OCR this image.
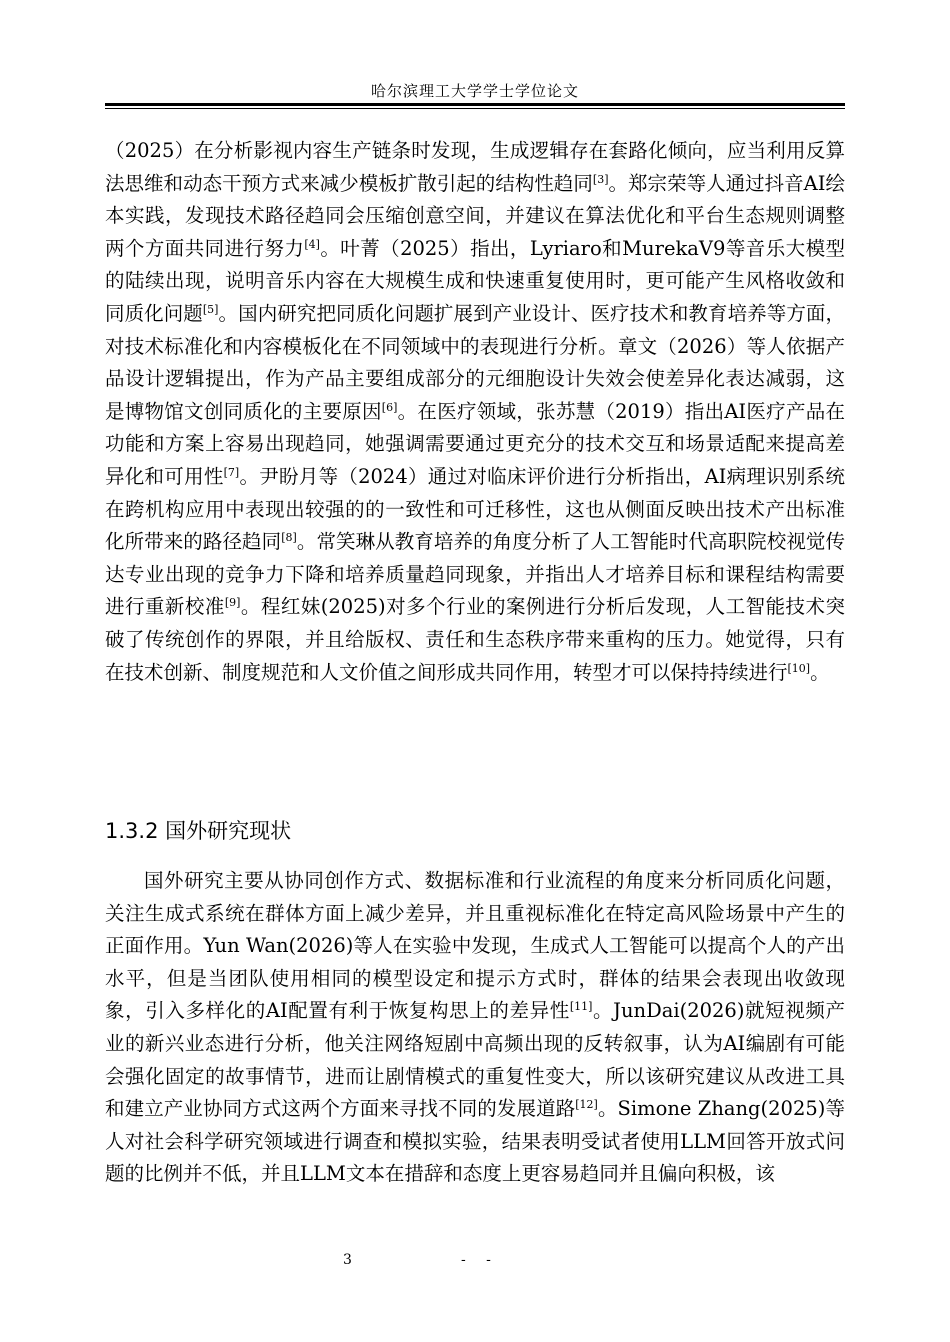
哈尔滨理工大学学士学位论文

（2025）在分析影视内容生产链条时发现，生成逻辑存在套路化倾向，应当利用反算法思维和动态干预方式来减少模板扩散引起的结构性趋同[3]。郑宗荣等人通过抖音AI绘本实践，发现技术路径趋同会压缩创意空间，并建议在算法优化和平台生态规则调整两个方面共同进行努力[4]。叶菁（2025）指出，Lyriaro和MurekaV9等音乐大模型的陆续出现，说明音乐内容在大规模生成和快速重复使用时，更可能产生风格收敛和同质化问题[5]。国内研究把同质化问题扩展到产业设计、医疗技术和教育培养等方面，对技术标准化和内容模板化在不同领域中的表现进行分析。章文（2026）等人依据产品设计逻辑提出，作为产品主要组成部分的元细胞设计失效会使差异化表达减弱，这是博物馆文创同质化的主要原因[6]。在医疗领域，张苏慧（2019）指出AI医疗产品在功能和方案上容易出现趋同，她强调需要通过更充分的技术交互和场景适配来提高差异化和可用性[7]。尹盼月等（2024）通过对临床评价进行分析指出，AI病理识别系统在跨机构应用中表现出较强的的一致性和可迁移性，这也从侧面反映出技术产出标准化所带来的路径趋同[8]。常笑琳从教育培养的角度分析了人工智能时代高职院校视觉传达专业出现的竞争力下降和培养质量趋同现象，并指出人才培养目标和课程结构需要进行重新校准[9]。程红妹(2025)对多个行业的案例进行分析后发现，人工智能技术突破了传统创作的界限，并且给版权、责任和生态秩序带来重构的压力。她觉得，只有在技术创新、制度规范和人文价值之间形成共同作用，转型才可以保持持续进行[10]。

1.3.2 国外研究现状

国外研究主要从协同创作方式、数据标准和行业流程的角度来分析同质化问题，关注生成式系统在群体方面上减少差异，并且重视标准化在特定高风险场景中产生的正面作用。Yun Wan(2026)等人在实验中发现，生成式人工智能可以提高个人的产出水平，但是当团队使用相同的模型设定和提示方式时，群体的结果会表现出收敛现象，引入多样化的AI配置有利于恢复构思上的差异性[11]。JunDai(2026)就短视频产业的新兴业态进行分析，他关注网络短剧中高频出现的反转叙事，认为AI编剧有可能会强化固定的故事情节，进而让剧情模式的重复性变大，所以该研究建议从改进工具和建立产业协同方式这两个方面来寻找不同的发展道路[12]。Simone Zhang(2025)等人对社会科学研究领域进行调查和模拟实验，结果表明受试者使用LLM回答开放式问题的比例并不低，并且LLM文本在措辞和态度上更容易趋同并且偏向积极，该

3	- -
